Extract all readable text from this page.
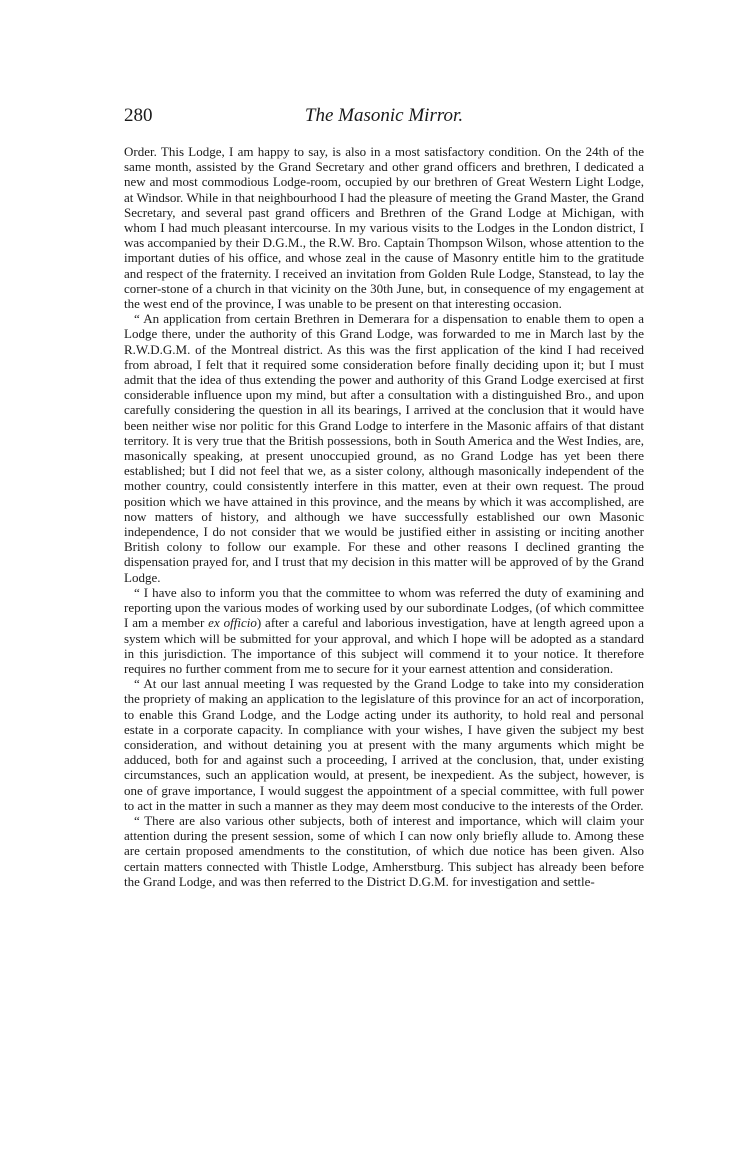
280	The Masonic Mirror.

Order. This Lodge, I am happy to say, is also in a most satisfactory condition. On the 24th of the same month, assisted by the Grand Secretary and other grand officers and brethren, I dedicated a new and most commodious Lodge-room, occupied by our brethren of Great Western Light Lodge, at Windsor. While in that neighbourhood I had the pleasure of meeting the Grand Master, the Grand Secretary, and several past grand officers and Brethren of the Grand Lodge at Michigan, with whom I had much pleasant intercourse. In my various visits to the Lodges in the London district, I was accompanied by their D.G.M., the R.W. Bro. Captain Thompson Wilson, whose attention to the important duties of his office, and whose zeal in the cause of Masonry entitle him to the gratitude and respect of the fraternity. I received an invitation from Golden Rule Lodge, Stanstead, to lay the corner-stone of a church in that vicinity on the 30th June, but, in consequence of my engagement at the west end of the province, I was unable to be present on that interesting occasion.

“ An application from certain Brethren in Demerara for a dispensation to enable them to open a Lodge there, under the authority of this Grand Lodge, was forwarded to me in March last by the R.W.D.G.M. of the Montreal district. As this was the first application of the kind I had received from abroad, I felt that it required some consideration before finally deciding upon it; but I must admit that the idea of thus extending the power and authority of this Grand Lodge exercised at first considerable influence upon my mind, but after a consultation with a distinguished Bro., and upon carefully considering the question in all its bearings, I arrived at the conclusion that it would have been neither wise nor politic for this Grand Lodge to interfere in the Masonic affairs of that distant territory. It is very true that the British possessions, both in South America and the West Indies, are, masonically speaking, at present unoccupied ground, as no Grand Lodge has yet been there established; but I did not feel that we, as a sister colony, although masonically independent of the mother country, could consistently interfere in this matter, even at their own request. The proud position which we have attained in this province, and the means by which it was accomplished, are now matters of history, and although we have successfully established our own Masonic independence, I do not consider that we would be justified either in assisting or inciting another British colony to follow our example. For these and other reasons I declined granting the dispensation prayed for, and I trust that my decision in this matter will be approved of by the Grand Lodge.

“ I have also to inform you that the committee to whom was referred the duty of examining and reporting upon the various modes of working used by our subordinate Lodges, (of which committee I am a member ex officio) after a careful and laborious investigation, have at length agreed upon a system which will be submitted for your approval, and which I hope will be adopted as a standard in this jurisdiction. The importance of this subject will commend it to your notice. It therefore requires no further comment from me to secure for it your earnest attention and consideration.

“ At our last annual meeting I was requested by the Grand Lodge to take into my consideration the propriety of making an application to the legislature of this province for an act of incorporation, to enable this Grand Lodge, and the Lodge acting under its authority, to hold real and personal estate in a corporate capacity. In compliance with your wishes, I have given the subject my best consideration, and without detaining you at present with the many arguments which might be adduced, both for and against such a proceeding, I arrived at the conclusion, that, under existing circumstances, such an application would, at present, be inexpedient. As the subject, however, is one of grave importance, I would suggest the appointment of a special committee, with full power to act in the matter in such a manner as they may deem most conducive to the interests of the Order.

“ There are also various other subjects, both of interest and importance, which will claim your attention during the present session, some of which I can now only briefly allude to. Among these are certain proposed amendments to the constitution, of which due notice has been given. Also certain matters connected with Thistle Lodge, Amherstburg. This subject has already been before the Grand Lodge, and was then referred to the District D.G.M. for investigation and settle-
